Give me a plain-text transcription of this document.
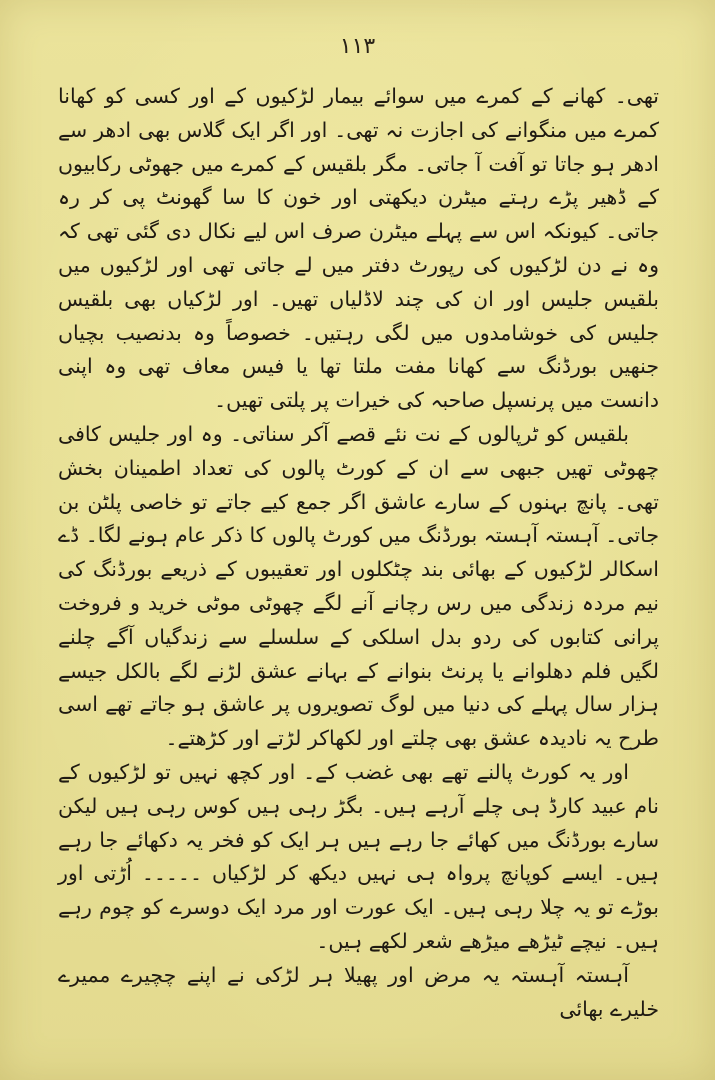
۱۱۳

تھی۔ کھانے کے کمرے میں سوائے بیمار لڑکیوں کے اور کسی کو کھانا کمرے میں منگوانے کی اجازت نہ تھی۔ اور اگر ایک گلاس بھی ادھر سے ادھر ہو جاتا تو آفت آ جاتی۔ مگر بلقیس کے کمرے میں جھوٹی رکابیوں کے ڈھیر پڑے رہتے میٹرن دیکھتی اور خون کا سا گھونٹ پی کر رہ جاتی۔ کیونکہ اس سے پہلے میٹرن صرف اس لیے نکال دی گئی تھی کہ وہ نے دن لڑکیوں کی رپورٹ دفتر میں لے جاتی تھی اور لڑکیوں میں بلقیس جلیس اور ان کی چند لاڈلیاں تھیں۔ اور لڑکیاں بھی بلقیس جلیس کی خوشامدوں میں لگی رہتیں۔ خصوصاً وہ بدنصیب بچیاں جنھیں بورڈنگ سے کھانا مفت ملتا تھا یا فیس معاف تھی وہ اپنی دانست میں پرنسپل صاحبہ کی خیرات پر پلتی تھیں۔

بلقیس کو ٹرپالوں کے نت نئے قصے آکر سناتی۔ وہ اور جلیس کافی چھوٹی تھیں جبھی سے ان کے کورٹ پالوں کی تعداد اطمینان بخش تھی۔ پانچ بہنوں کے سارے عاشق اگر جمع کیے جاتے تو خاصی پلٹن بن جاتی۔ آہستہ آہستہ بورڈنگ میں کورٹ پالوں کا ذکر عام ہونے لگا۔ ڈے اسکالر لڑکیوں کے بھائی بند چٹکلوں اور تعقیبوں کے ذریعے بورڈنگ کی نیم مردہ زندگی میں رس رچانے آنے لگے چھوٹی موٹی خرید و فروخت پرانی کتابوں کی ردو بدل اسلکی کے سلسلے سے زندگیاں آگے چلنے لگیں فلم دھلوانے یا پرنٹ بنوانے کے بہانے عشق لڑنے لگے بالکل جیسے ہزار سال پہلے کی دنیا میں لوگ تصویروں پر عاشق ہو جاتے تھے اسی طرح یہ نادیدہ عشق بھی چلتے اور لکھاکر لڑتے اور کڑھتے۔

اور یہ کورٹ پالنے تھے بھی غضب کے۔ اور کچھ نہیں تو لڑکیوں کے نام عبید کارڈ ہی چلے آرہے ہیں۔ بگڑ رہی ہیں کوس رہی ہیں لیکن سارے بورڈنگ میں کھائے جا رہے ہیں ہر ایک کو فخر یہ دکھائے جا رہے ہیں۔ ایسے کوپانچ پرواہ ہی نہیں دیکھ کر لڑکیاں ۔۔۔۔۔ اُڑتی اور بوڑے تو یہ چلا رہی ہیں۔ ایک عورت اور مرد ایک دوسرے کو چوم رہے ہیں۔ نیچے ٹیڑھے میڑھے شعر لکھے ہیں۔

آہستہ آہستہ یہ مرض اور پھیلا ہر لڑکی نے اپنے چچیرے ممیرے خلیرے بھائی
